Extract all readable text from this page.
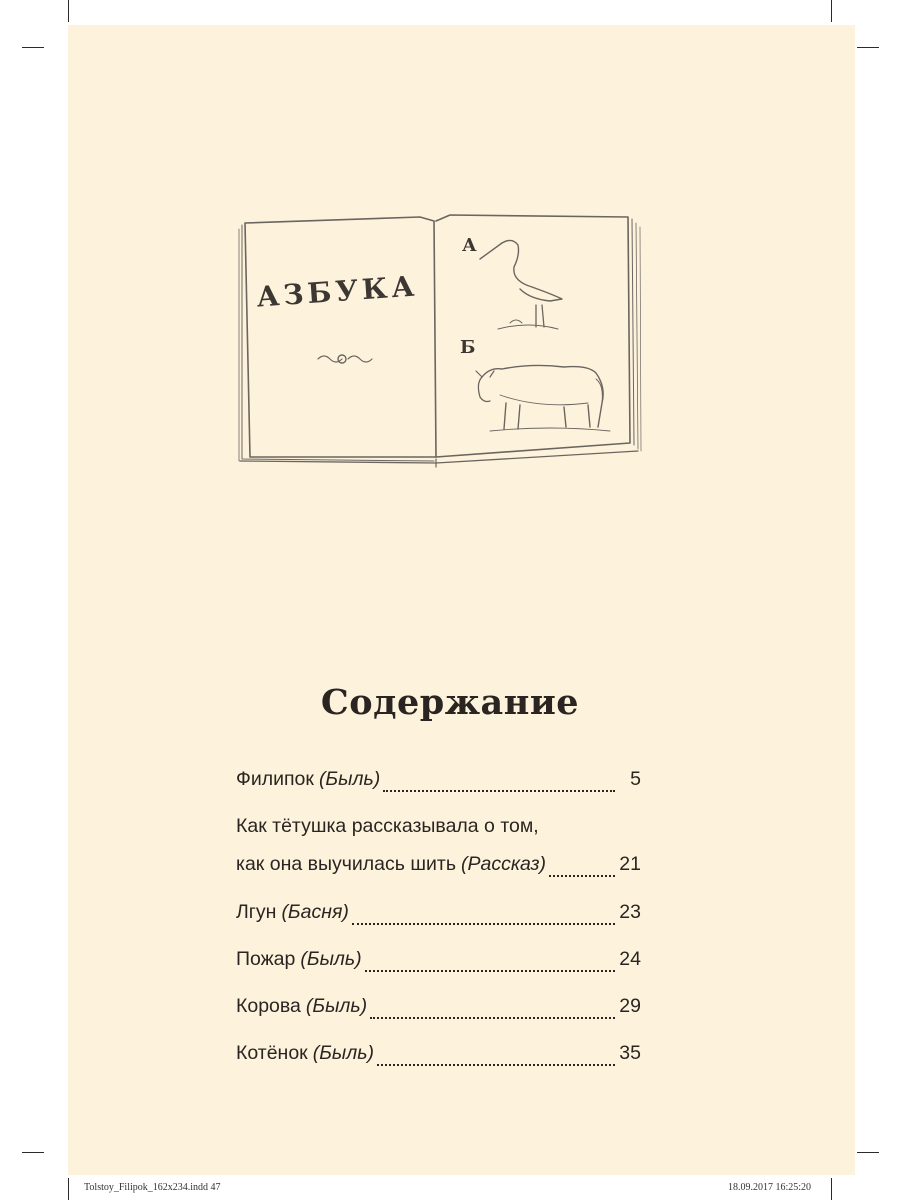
АЗБУКА
А
Б
Содержание
Филипок (Быль)	5
Как тётушка рассказывала о том,
как она выучилась шить (Рассказ)	21
Лгун (Басня)	23
Пожар (Быль)	24
Корова (Быль)	29
Котёнок (Быль)	35
Tolstoy_Filipok_162x234.indd 47	18.09.2017 16:25:20
